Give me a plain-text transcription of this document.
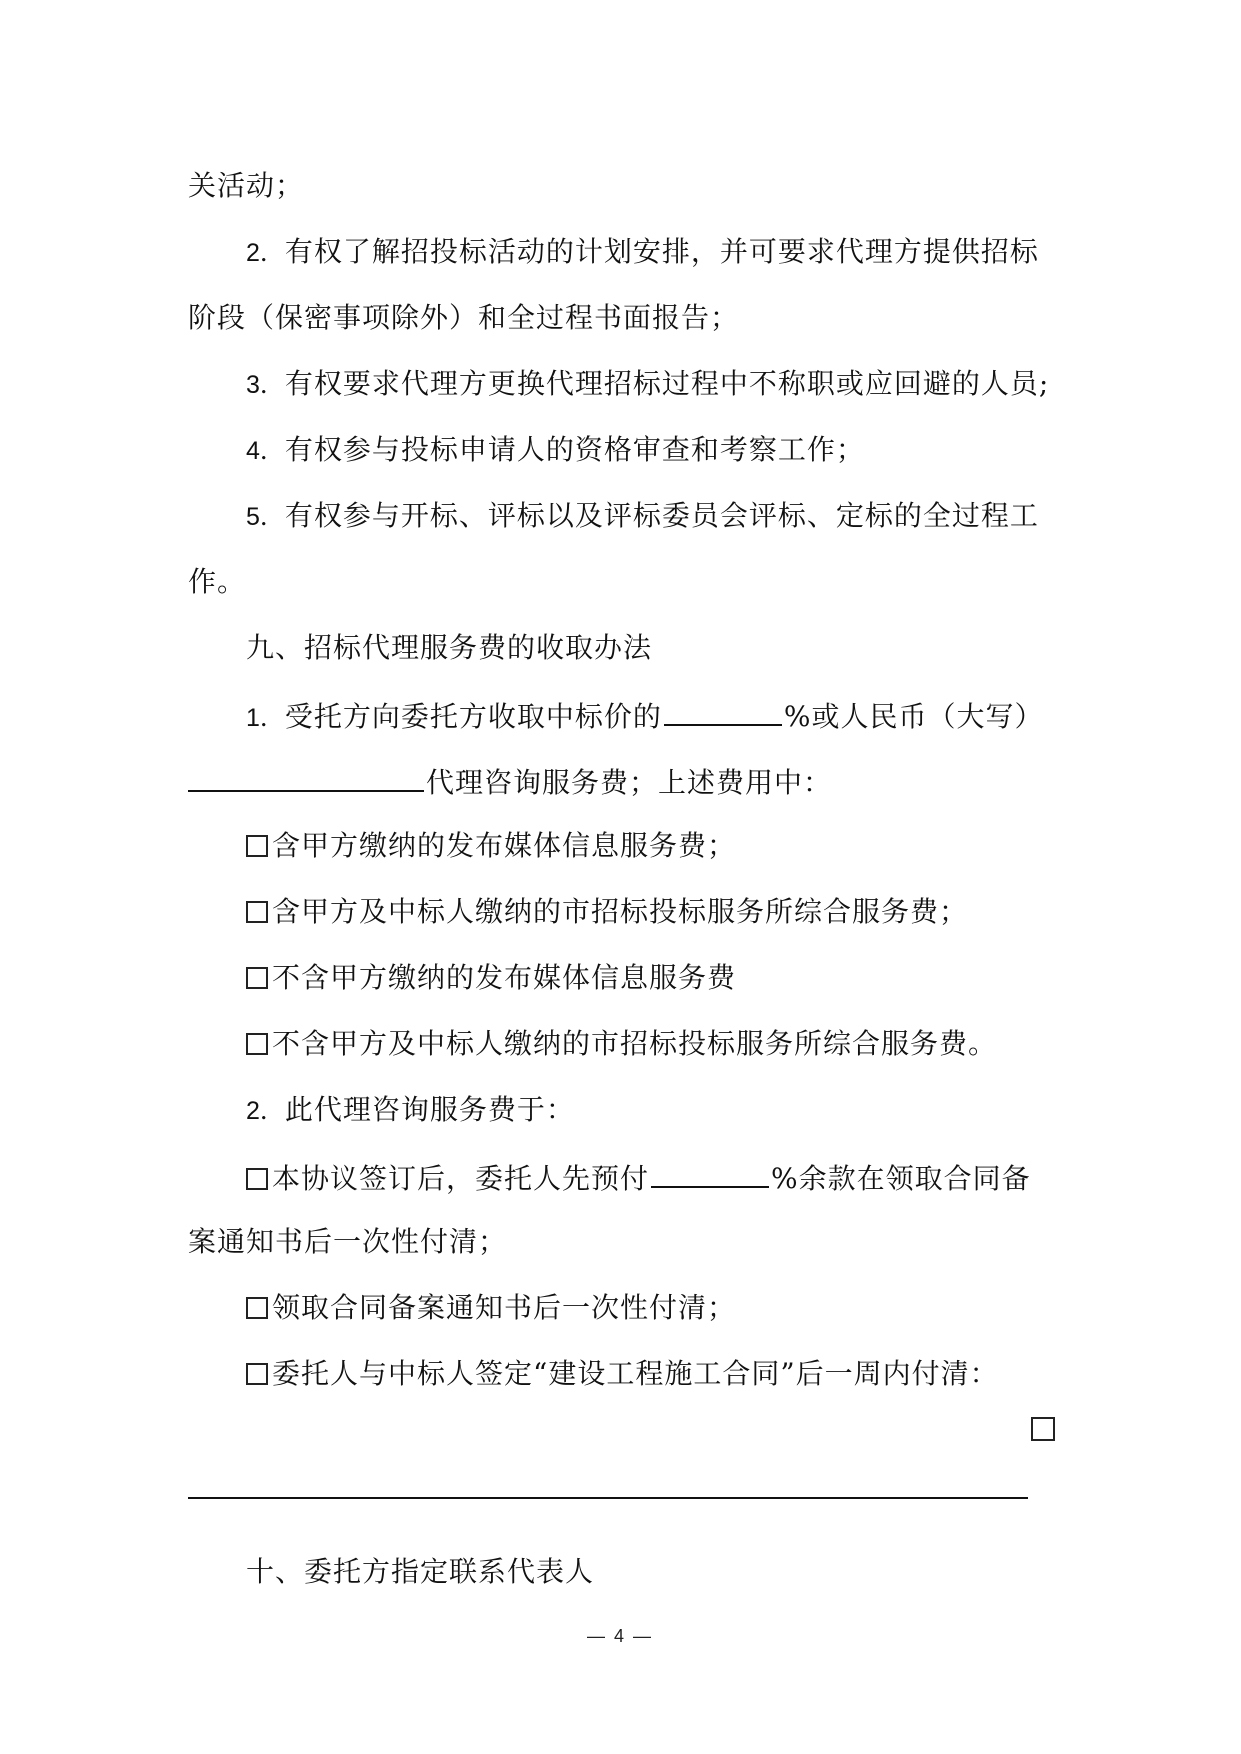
关活动；
2．有权了解招投标活动的计划安排，并可要求代理方提供招标
阶段（保密事项除外）和全过程书面报告；
3．有权要求代理方更换代理招标过程中不称职或应回避的人员;
4．有权参与投标申请人的资格审查和考察工作；
5．有权参与开标、评标以及评标委员会评标、定标的全过程工
作。
九、招标代理服务费的收取办法
1．受托方向委托方收取中标价的	%或人民币（大写）
代理咨询服务费；上述费用中：
含甲方缴纳的发布媒体信息服务费；
含甲方及中标人缴纳的市招标投标服务所综合服务费；
不含甲方缴纳的发布媒体信息服务费
不含甲方及中标人缴纳的市招标投标服务所综合服务费。
2．此代理咨询服务费于：
本协议签订后，委托人先预付	%余款在领取合同备
案通知书后一次性付清；
领取合同备案通知书后一次性付清；
委托人与中标人签定“建设工程施工合同”后一周内付清：
十、委托方指定联系代表人
— 4 —
